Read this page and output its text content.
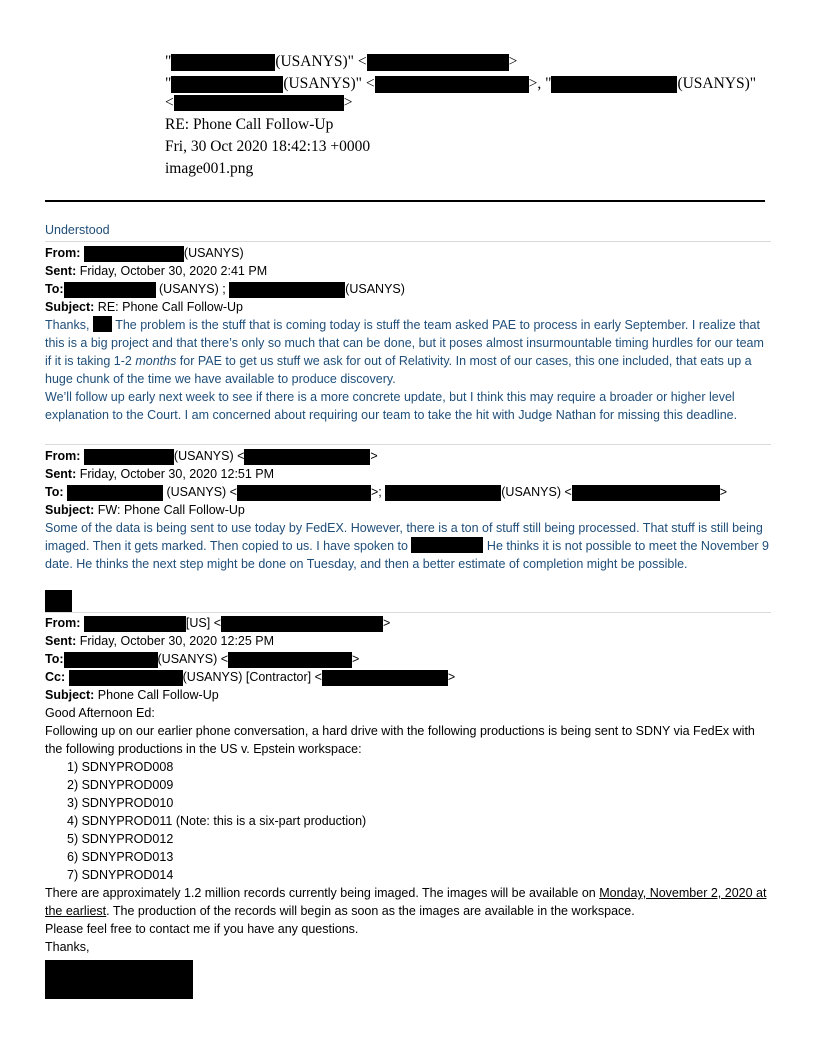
"	(USANYS)" <	>
"	(USANYS)" <	>, "	(USANYS)"
<	>
RE: Phone Call Follow-Up
Fri, 30 Oct 2020 18:42:13 +0000
image001.png
Understood
From:	(USANYS)
Sent: Friday, October 30, 2020 2:41 PM
To:	(USANYS) ;	(USANYS)
Subject: RE: Phone Call Follow-Up
Thanks, The problem is the stuff that is coming today is stuff the team asked PAE to process in early September. I realize that this is a big project and that there’s only so much that can be done, but it poses almost insurmountable timing hurdles for our team if it is taking 1-2 months for PAE to get us stuff we ask for out of Relativity. In most of our cases, this one included, that eats up a huge chunk of the time we have available to produce discovery.
We’ll follow up early next week to see if there is a more concrete update, but I think this may require a broader or higher level explanation to the Court. I am concerned about requiring our team to take the hit with Judge Nathan for missing this deadline.
From:	(USANYS) <	>
Sent: Friday, October 30, 2020 12:51 PM
To:	(USANYS) <	>;	(USANYS) <	>
Subject: FW: Phone Call Follow-Up
Some of the data is being sent to use today by FedEX. However, there is a ton of stuff still being processed. That stuff is still being imaged. Then it gets marked. Then copied to us. I have spoken to	He thinks it is not possible to meet the November 9 date. He thinks the next step might be done on Tuesday, and then a better estimate of completion might be possible.
From:	[US] <	>
Sent: Friday, October 30, 2020 12:25 PM
To:	(USANYS) <	>
Cc:	(USANYS) [Contractor] <	>
Subject: Phone Call Follow-Up
Good Afternoon Ed:
Following up on our earlier phone conversation, a hard drive with the following productions is being sent to SDNY via FedEx with the following productions in the US v. Epstein workspace:
1) SDNYPROD008
2) SDNYPROD009
3) SDNYPROD010
4) SDNYPROD011 (Note: this is a six-part production)
5) SDNYPROD012
6) SDNYPROD013
7) SDNYPROD014
There are approximately 1.2 million records currently being imaged. The images will be available on Monday, November 2, 2020 at the earliest. The production of the records will begin as soon as the images are available in the workspace.
Please feel free to contact me if you have any questions.
Thanks,
